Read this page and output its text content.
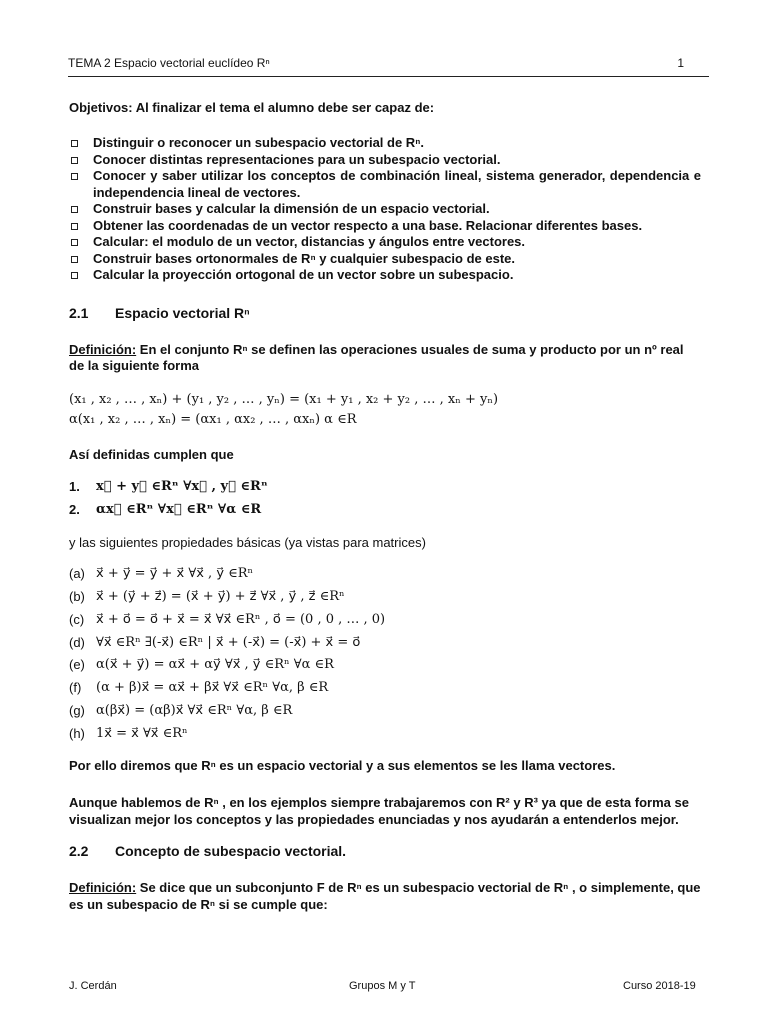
TEMA 2 Espacio vectorial euclídeo Rⁿ	1
Objetivos: Al finalizar el tema el alumno debe ser capaz de:
Distinguir o reconocer un subespacio vectorial de Rⁿ.
Conocer distintas representaciones para un subespacio vectorial.
Conocer y saber utilizar los conceptos de combinación lineal, sistema generador, dependencia e independencia lineal de vectores.
Construir bases y calcular la dimensión de un espacio vectorial.
Obtener las coordenadas de un vector respecto a una base. Relacionar diferentes bases.
Calcular: el modulo de un vector, distancias y ángulos entre vectores.
Construir bases ortonormales de Rⁿ y cualquier subespacio de este.
Calcular la proyección ortogonal de un vector sobre un subespacio.
2.1 Espacio vectorial Rⁿ
Definición: En el conjunto Rⁿ se definen las operaciones usuales de suma y producto por un nº real de la siguiente forma
(x₁ , x₂ , … , xₙ) + (y₁ , y₂ , … , yₙ) = (x₁ + y₁ , x₂ + y₂ , … , xₙ + yₙ)
α(x₁ , x₂ , … , xₙ) = (αx₁ , αx₂ , … , αxₙ) α ∈R
Así definidas cumplen que
1. x⃗ + y⃗ ∈Rⁿ ∀x⃗ , y⃗ ∈Rⁿ
2. αx⃗ ∈Rⁿ ∀x⃗ ∈Rⁿ ∀α ∈R
y las siguientes propiedades básicas (ya vistas para matrices)
(a) x⃗ + y⃗ = y⃗ + x⃗ ∀x⃗ , y⃗ ∈Rⁿ
(b) x⃗ + (y⃗ + z⃗) = (x⃗ + y⃗) + z⃗ ∀x⃗ , y⃗ , z⃗ ∈Rⁿ
(c) x⃗ + o⃗ = o⃗ + x⃗ = x⃗ ∀x⃗ ∈Rⁿ , o⃗ = (0 , 0 , … , 0)
(d) ∀x⃗ ∈Rⁿ ∃(-x⃗) ∈Rⁿ | x⃗ + (-x⃗) = (-x⃗) + x⃗ = o⃗
(e) α(x⃗ + y⃗) = αx⃗ + αy⃗ ∀x⃗ , y⃗ ∈Rⁿ ∀α ∈R
(f) (α + β)x⃗ = αx⃗ + βx⃗ ∀x⃗ ∈Rⁿ ∀α, β ∈R
(g) α(βx⃗) = (αβ)x⃗ ∀x⃗ ∈Rⁿ ∀α, β ∈R
(h) 1x⃗ = x⃗ ∀x⃗ ∈Rⁿ
Por ello diremos que Rⁿ es un espacio vectorial y a sus elementos se les llama vectores.
Aunque hablemos de Rⁿ , en los ejemplos siempre trabajaremos con R² y R³ ya que de esta forma se visualizan mejor los conceptos y las propiedades enunciadas y nos ayudarán a entenderlos mejor.
2.2 Concepto de subespacio vectorial.
Definición: Se dice que un subconjunto F de Rⁿ es un subespacio vectorial de Rⁿ , o simplemente, que es un subespacio de Rⁿ si se cumple que:
J. Cerdán	Grupos M y T	Curso 2018-19
